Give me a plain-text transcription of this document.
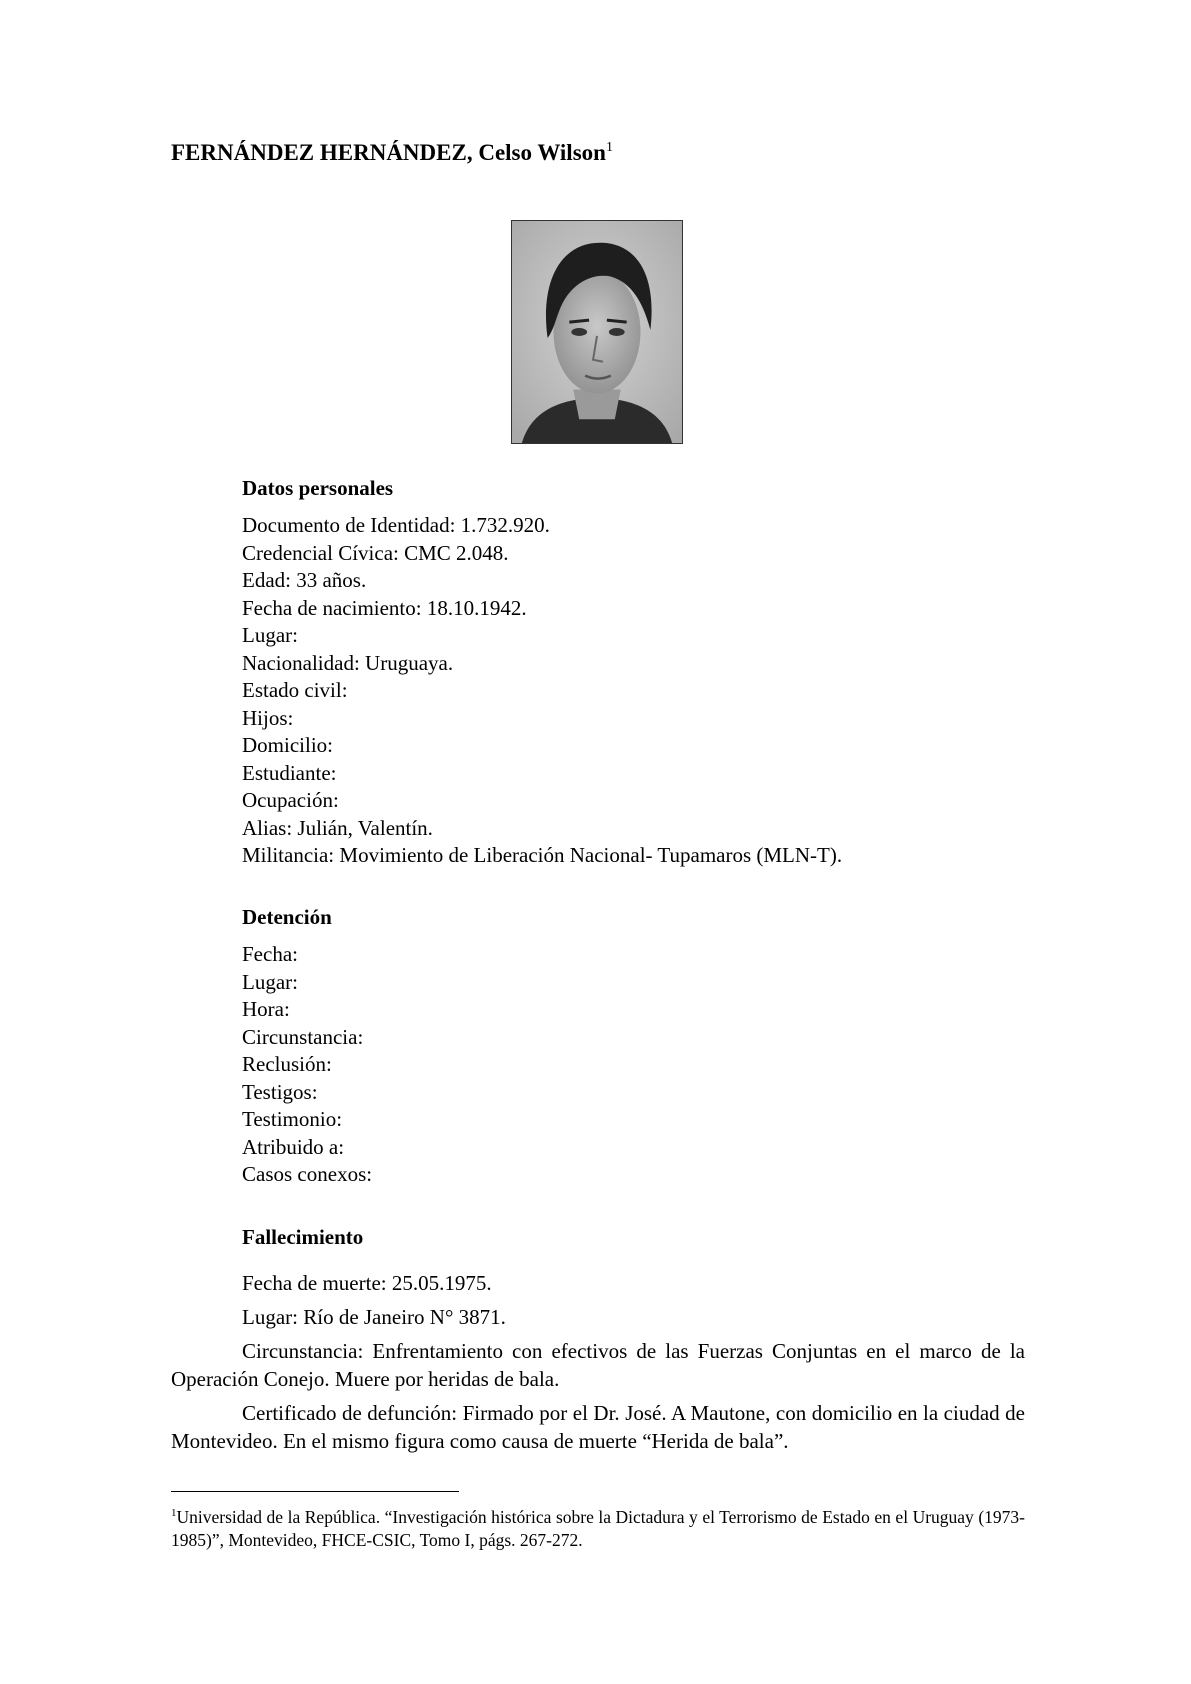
FERNÁNDEZ HERNÁNDEZ, Celso Wilson$^1$
Datos personales
Documento de Identidad: 1.732.920.
Credencial Cívica: CMC 2.048.
Edad: 33 años.
Fecha de nacimiento: 18.10.1942.
Lugar:
Nacionalidad: Uruguaya.
Estado civil:
Hijos:
Domicilio:
Estudiante:
Ocupación:
Alias: Julián, Valentín.
Militancia: Movimiento de Liberación Nacional- Tupamaros (MLN-T).
Detención
Fecha:
Lugar:
Hora:
Circunstancia:
Reclusión:
Testigos:
Testimonio:
Atribuido a:
Casos conexos:
Fallecimiento
Fecha de muerte: 25.05.1975.
Lugar: Río de Janeiro N° 3871.
Circunstancia: Enfrentamiento con efectivos de las Fuerzas Conjuntas en el marco de la Operación Conejo. Muere por heridas de bala.
Certificado de defunción: Firmado por el Dr. José. A Mautone, con domicilio en la ciudad de Montevideo. En el mismo figura como causa de muerte “Herida de bala”.
$^1$Universidad de la República. “Investigación histórica sobre la Dictadura y el Terrorismo de Estado en el Uruguay (1973-1985)”, Montevideo, FHCE-CSIC, Tomo I, págs. 267-272.
